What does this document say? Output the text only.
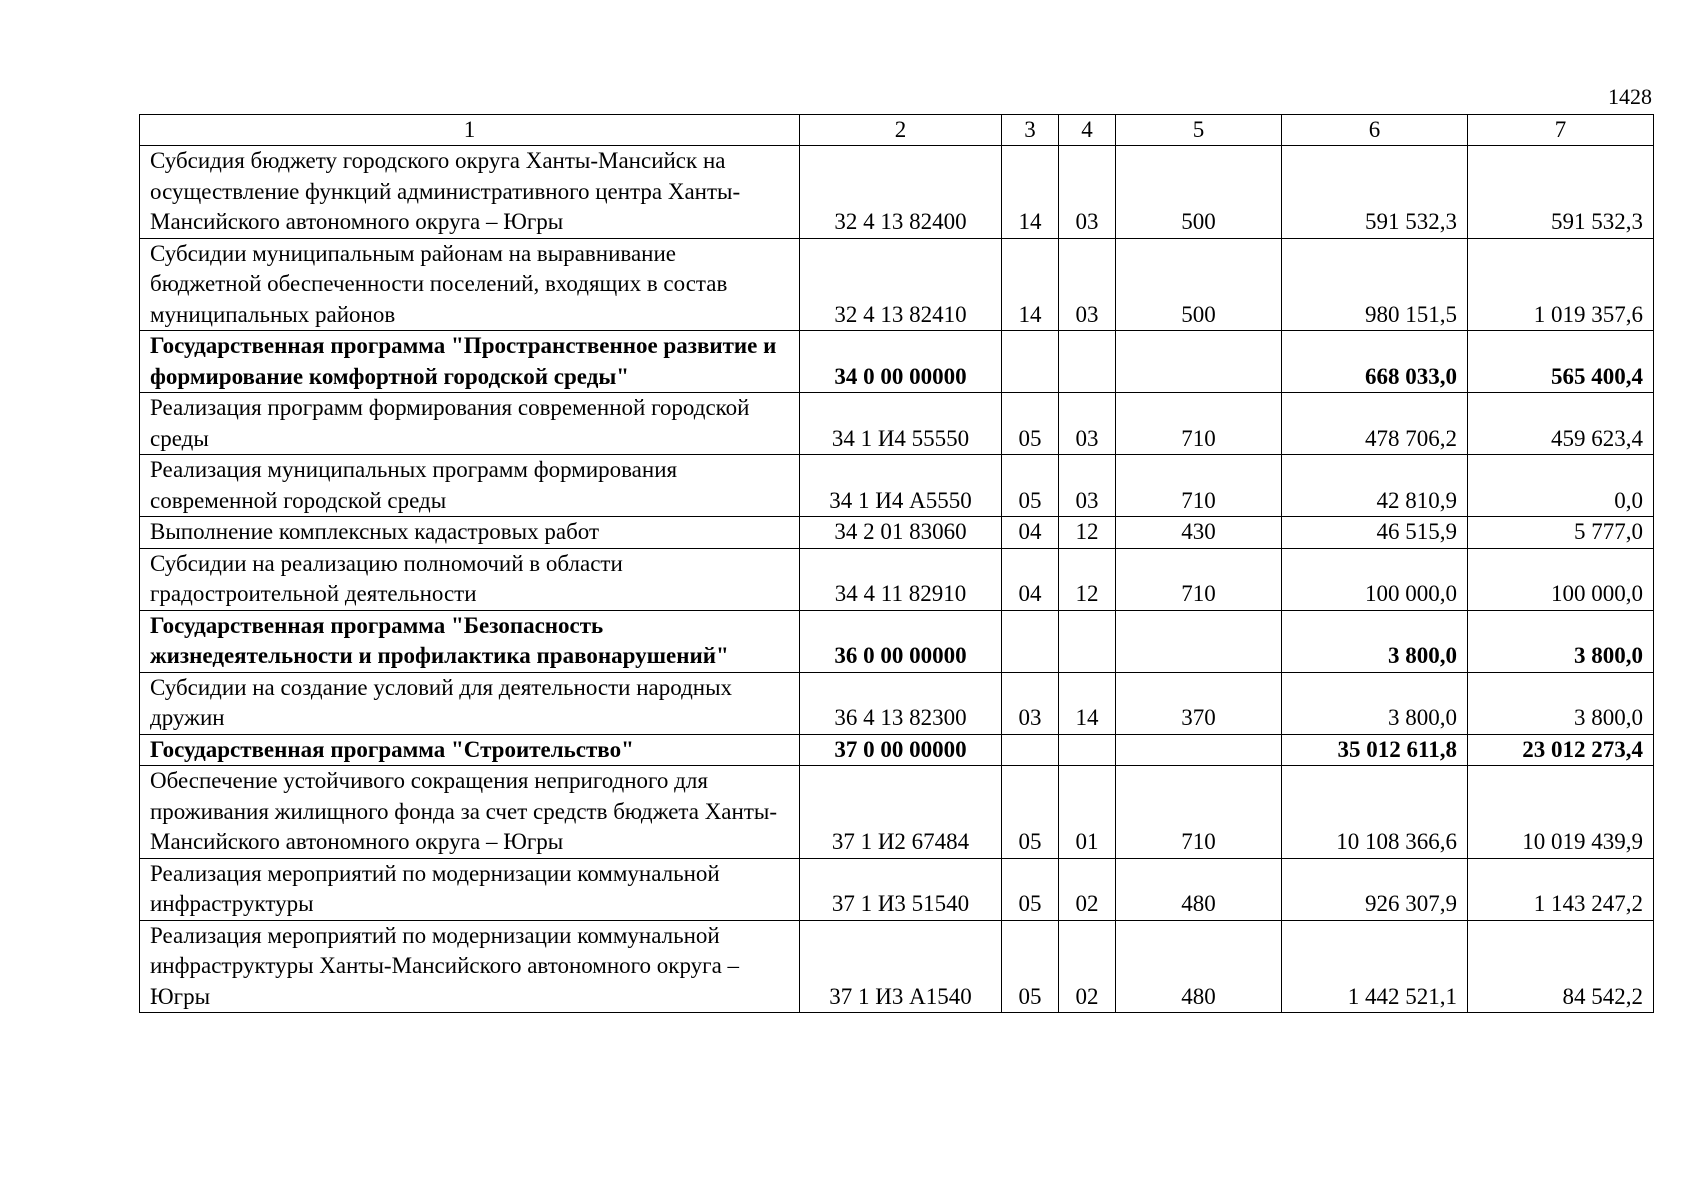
1428
1	2	3	4	5	6	7
Субсидия бюджету городского округа Ханты-Мансийск на осуществление функций административного центра Ханты-Мансийского автономного округа – Югры	32 4 13 82400	14	03	500	591 532,3	591 532,3
Субсидии муниципальным районам на выравнивание бюджетной обеспеченности поселений, входящих в состав муниципальных районов	32 4 13 82410	14	03	500	980 151,5	1 019 357,6
Государственная программа "Пространственное развитие и формирование комфортной городской среды"	34 0 00 00000				668 033,0	565 400,4
Реализация программ формирования современной городской среды	34 1 И4 55550	05	03	710	478 706,2	459 623,4
Реализация муниципальных программ формирования современной городской среды	34 1 И4 А5550	05	03	710	42 810,9	0,0
Выполнение комплексных кадастровых работ	34 2 01 83060	04	12	430	46 515,9	5 777,0
Субсидии на реализацию полномочий в области градостроительной деятельности	34 4 11 82910	04	12	710	100 000,0	100 000,0
Государственная программа "Безопасность жизнедеятельности и профилактика правонарушений"	36 0 00 00000				3 800,0	3 800,0
Субсидии на создание условий для деятельности народных дружин	36 4 13 82300	03	14	370	3 800,0	3 800,0
Государственная программа "Строительство"	37 0 00 00000				35 012 611,8	23 012 273,4
Обеспечение устойчивого сокращения непригодного для проживания жилищного фонда за счет средств бюджета Ханты-Мансийского автономного округа – Югры	37 1 И2 67484	05	01	710	10 108 366,6	10 019 439,9
Реализация мероприятий по модернизации коммунальной инфраструктуры	37 1 И3 51540	05	02	480	926 307,9	1 143 247,2
Реализация мероприятий по модернизации коммунальной инфраструктуры Ханты-Мансийского автономного округа – Югры	37 1 И3 А1540	05	02	480	1 442 521,1	84 542,2
